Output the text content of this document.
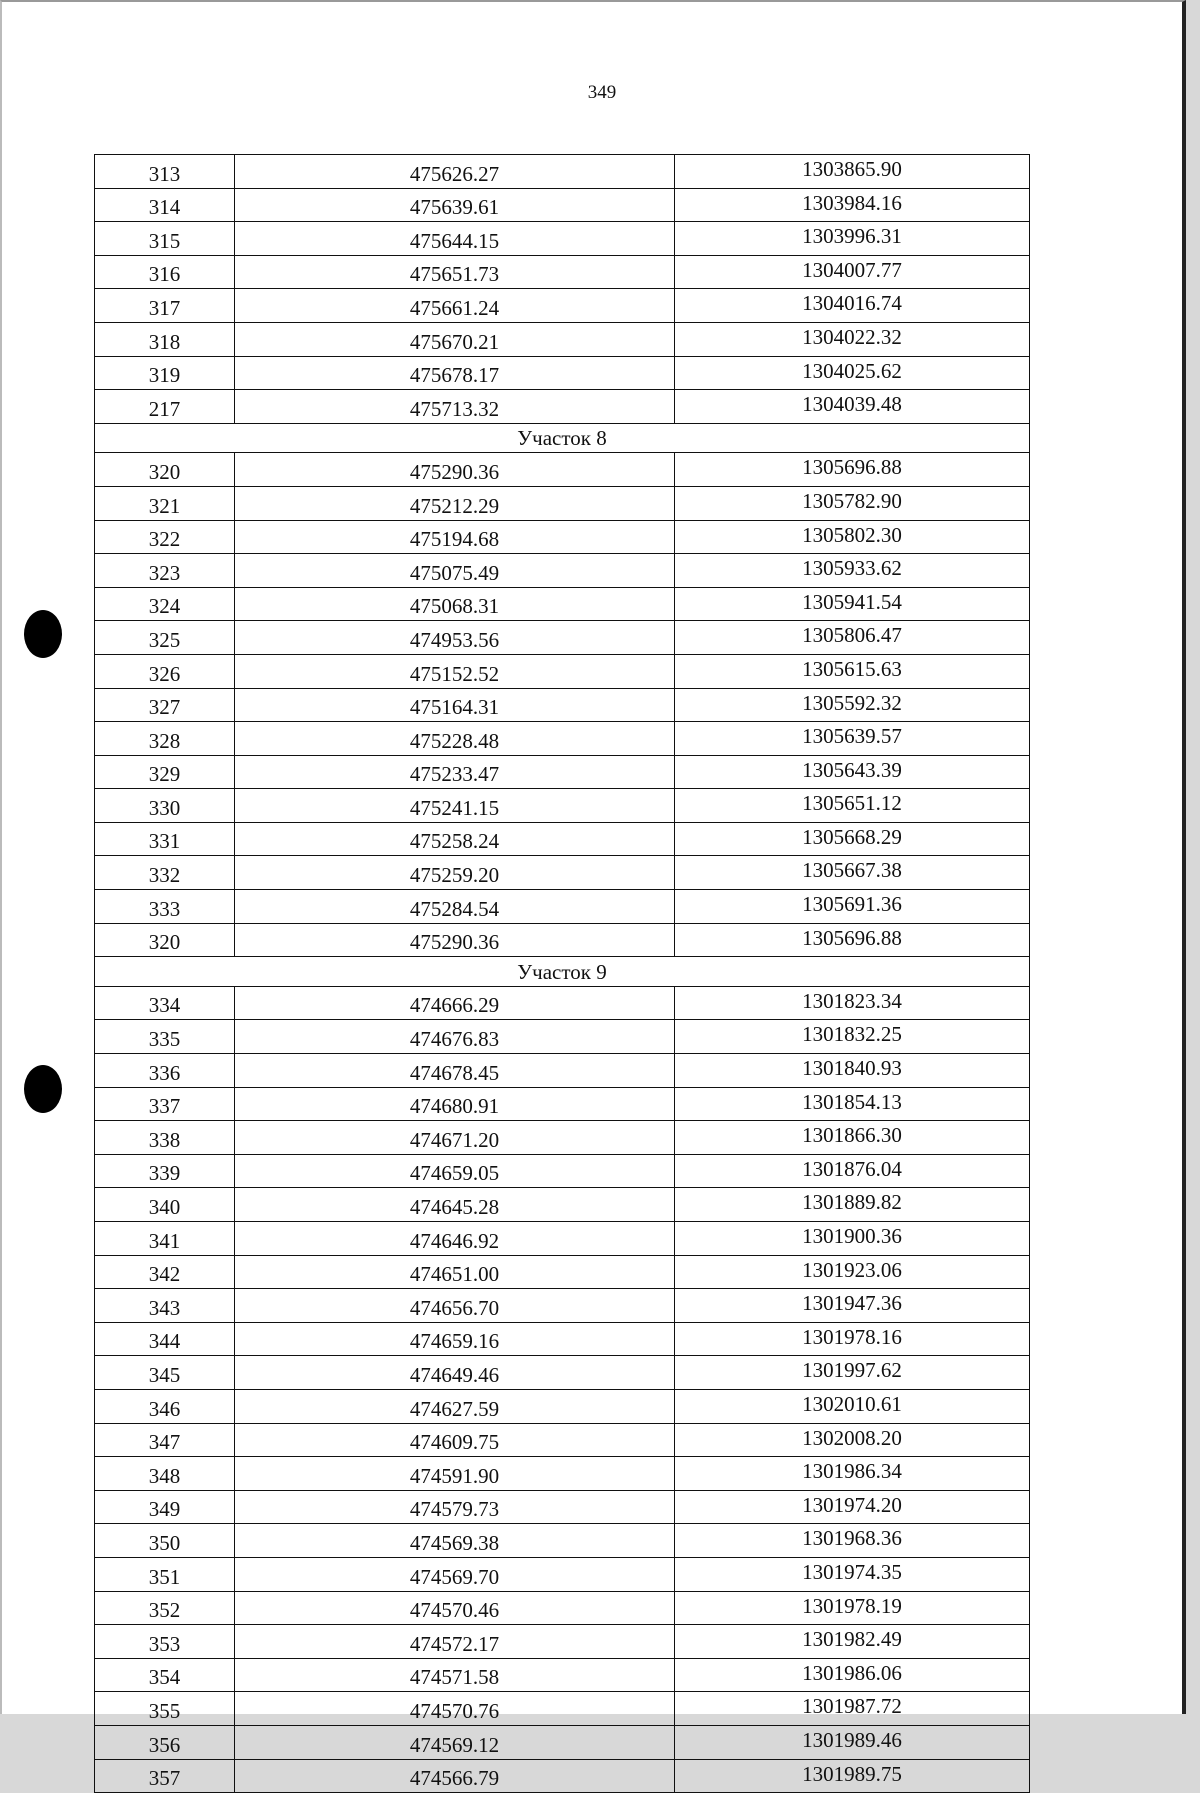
349
313	475626.27	1303865.90
314	475639.61	1303984.16
315	475644.15	1303996.31
316	475651.73	1304007.77
317	475661.24	1304016.74
318	475670.21	1304022.32
319	475678.17	1304025.62
217	475713.32	1304039.48
Участок 8		
320	475290.36	1305696.88
321	475212.29	1305782.90
322	475194.68	1305802.30
323	475075.49	1305933.62
324	475068.31	1305941.54
325	474953.56	1305806.47
326	475152.52	1305615.63
327	475164.31	1305592.32
328	475228.48	1305639.57
329	475233.47	1305643.39
330	475241.15	1305651.12
331	475258.24	1305668.29
332	475259.20	1305667.38
333	475284.54	1305691.36
320	475290.36	1305696.88
Участок 9		
334	474666.29	1301823.34
335	474676.83	1301832.25
336	474678.45	1301840.93
337	474680.91	1301854.13
338	474671.20	1301866.30
339	474659.05	1301876.04
340	474645.28	1301889.82
341	474646.92	1301900.36
342	474651.00	1301923.06
343	474656.70	1301947.36
344	474659.16	1301978.16
345	474649.46	1301997.62
346	474627.59	1302010.61
347	474609.75	1302008.20
348	474591.90	1301986.34
349	474579.73	1301974.20
350	474569.38	1301968.36
351	474569.70	1301974.35
352	474570.46	1301978.19
353	474572.17	1301982.49
354	474571.58	1301986.06
355	474570.76	1301987.72
356	474569.12	1301989.46
357	474566.79	1301989.75
